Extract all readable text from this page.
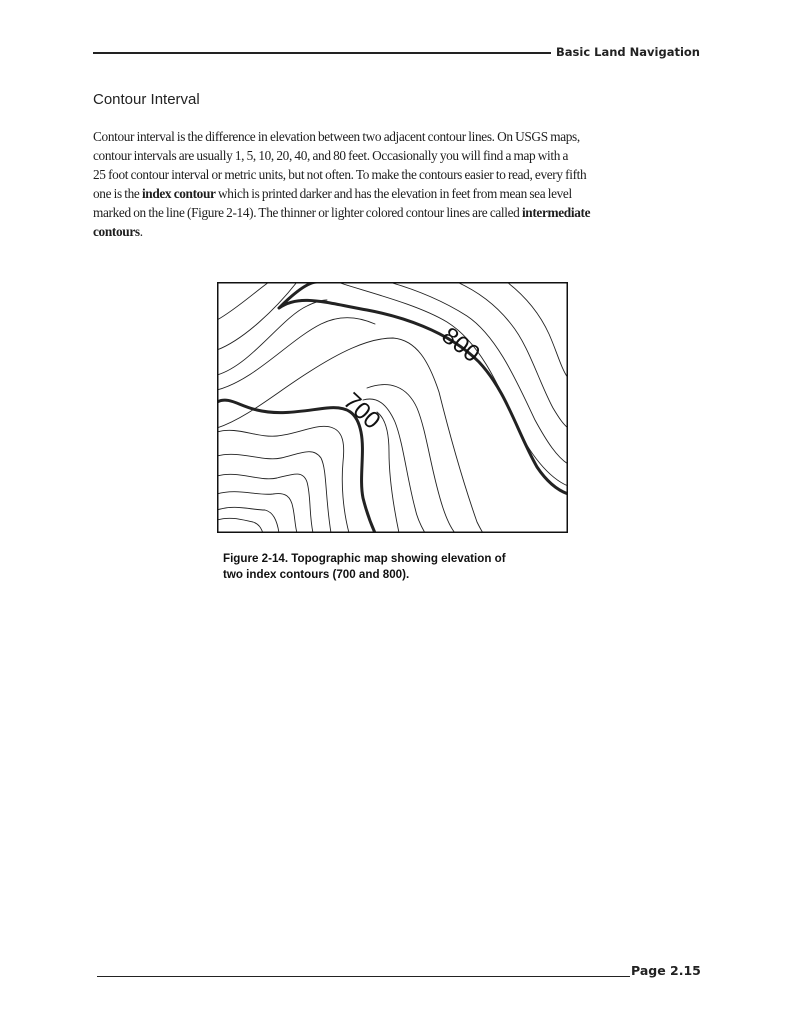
Basic Land Navigation
Contour Interval

Contour interval is the difference in elevation between two adjacent contour lines. On USGS maps,
contour intervals are usually 1, 5, 10, 20, 40, and 80 feet. Occasionally you will find a map with a
25 foot contour interval or metric units, but not often. To make the contours easier to read, every fifth
one is the index contour which is printed darker and has the elevation in feet from mean sea level
marked on the line (Figure 2-14). The thinner or lighter colored contour lines are called intermediate
contours.

800
700

Figure 2-14. Topographic map showing elevation of
two index contours (700 and 800).

Page 2.15
